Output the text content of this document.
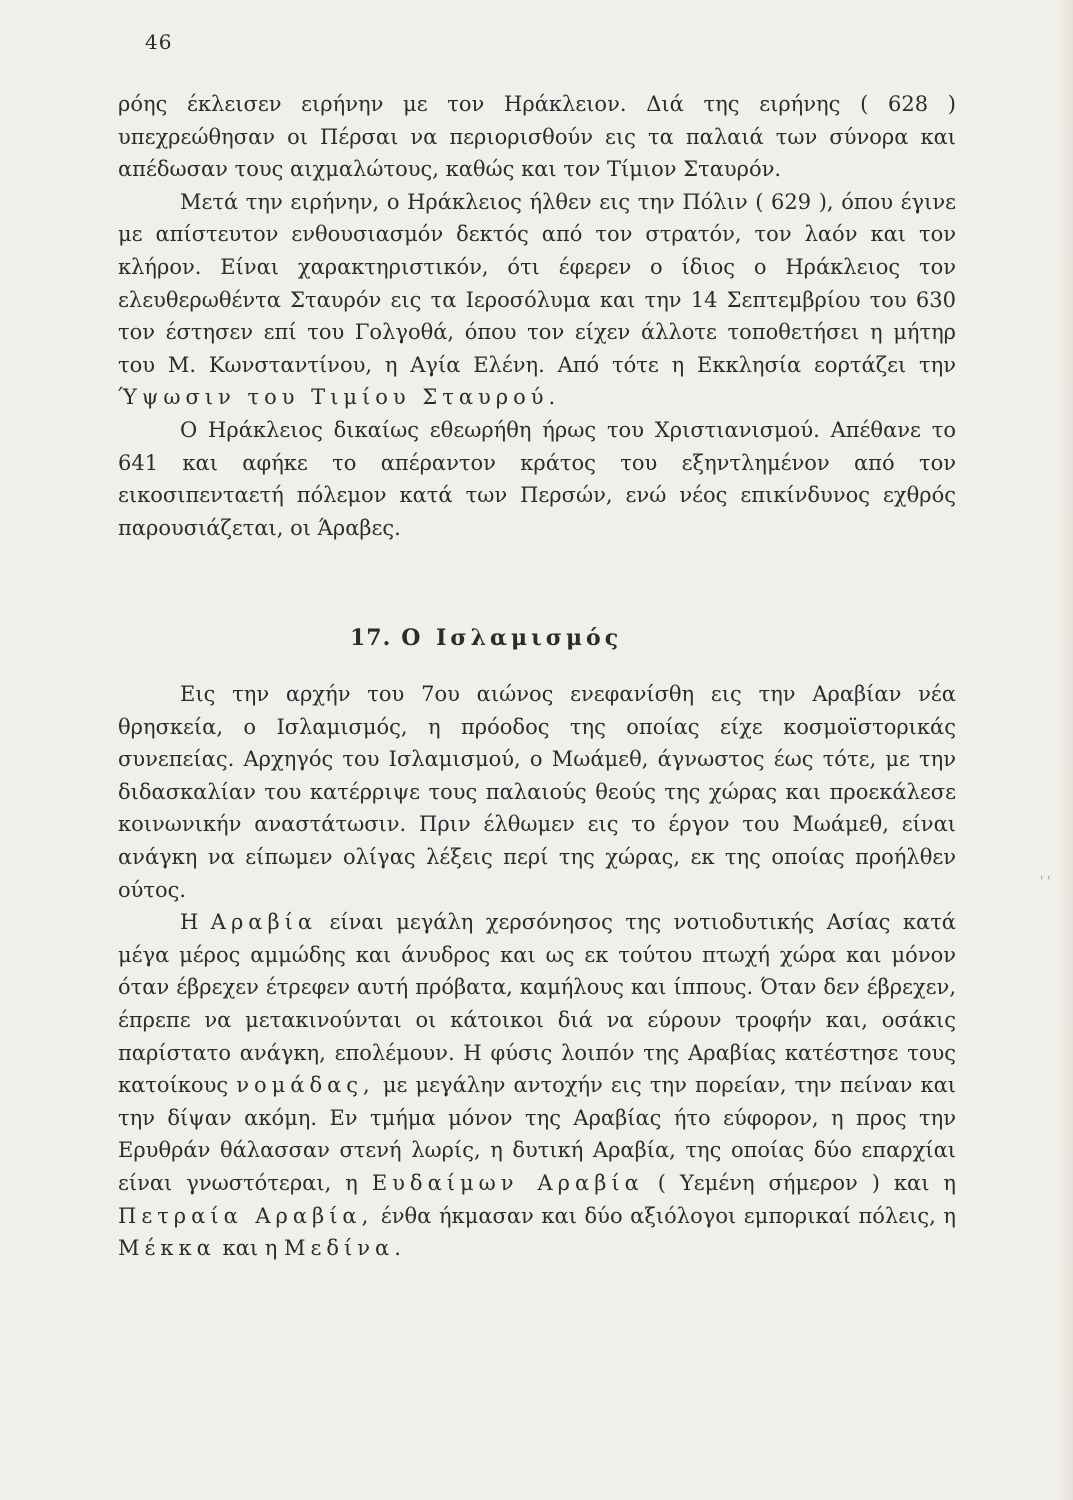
46

ρόης έκλεισεν ειρήνην με τον Ηράκλειον. Διά της ειρήνης ( 628 ) υπεχρεώθησαν οι Πέρσαι να περιορισθούν εις τα παλαιά των σύνορα και απέδωσαν τους αιχμαλώτους, καθώς και τον Τίμιον Σταυρόν.

Μετά την ειρήνην, ο Ηράκλειος ήλθεν εις την Πόλιν ( 629 ), όπου έγινε με απίστευτον ενθουσιασμόν δεκτός από τον στρατόν, τον λαόν και τον κλήρον. Είναι χαρακτηριστικόν, ότι έφερεν ο ίδιος ο Ηράκλειος τον ελευθερωθέντα Σταυρόν εις τα Ιεροσόλυμα και την 14 Σεπτεμβρίου του 630 τον έστησεν επί του Γολγοθά, όπου τον είχεν άλλοτε τοποθετήσει η μήτηρ του Μ. Κωνσταντίνου, η Αγία Ελένη. Από τότε η Εκκλησία εορτάζει την Ύψωσιν του Τιμίου Σταυρού.

Ο Ηράκλειος δικαίως εθεωρήθη ήρως του Χριστιανισμού. Απέθανε το 641 και αφήκε το απέραντον κράτος του εξηντλημένον από τον εικοσιπενταετή πόλεμον κατά των Περσών, ενώ νέος επικίνδυνος εχθρός παρουσιάζεται, οι Άραβες.

17. Ο Ισλαμισμός

Εις την αρχήν του 7ου αιώνος ενεφανίσθη εις την Αραβίαν νέα θρησκεία, ο Ισλαμισμός, η πρόοδος της οποίας είχε κοσμοϊστορικάς συνεπείας. Αρχηγός του Ισλαμισμού, ο Μωάμεθ, άγνωστος έως τότε, με την διδασκαλίαν του κατέρριψε τους παλαιούς θεούς της χώρας και προεκάλεσε κοινωνικήν αναστάτωσιν. Πριν έλθωμεν εις το έργον του Μωάμεθ, είναι ανάγκη να είπωμεν ολίγας λέξεις περί της χώρας, εκ της οποίας προήλθεν ούτος.

Η Αραβία είναι μεγάλη χερσόνησος της νοτιοδυτικής Ασίας κατά μέγα μέρος αμμώδης και άνυδρος και ως εκ τούτου πτωχή χώρα και μόνον όταν έβρεχεν έτρεφεν αυτή πρόβατα, καμήλους και ίππους. Όταν δεν έβρεχεν, έπρεπε να μετακινούνται οι κάτοικοι διά να εύρουν τροφήν και, οσάκις παρίστατο ανάγκη, επολέμουν. Η φύσις λοιπόν της Αραβίας κατέστησε τους κατοίκους νομάδας, με μεγάλην αντοχήν εις την πορείαν, την πείναν και την δίψαν ακόμη. Εν τμήμα μόνον της Αραβίας ήτο εύφορον, η προς την Ερυθράν θάλασσαν στενή λωρίς, η δυτική Αραβία, της οποίας δύο επαρχίαι είναι γνωστότεραι, η Ευδαίμων Αραβία ( Υεμένη σήμερον ) και η Πετραία Αραβία, ένθα ήκμασαν και δύο αξιόλογοι εμπορικαί πόλεις, η Μέκκα και η Μεδίνα.

' '
